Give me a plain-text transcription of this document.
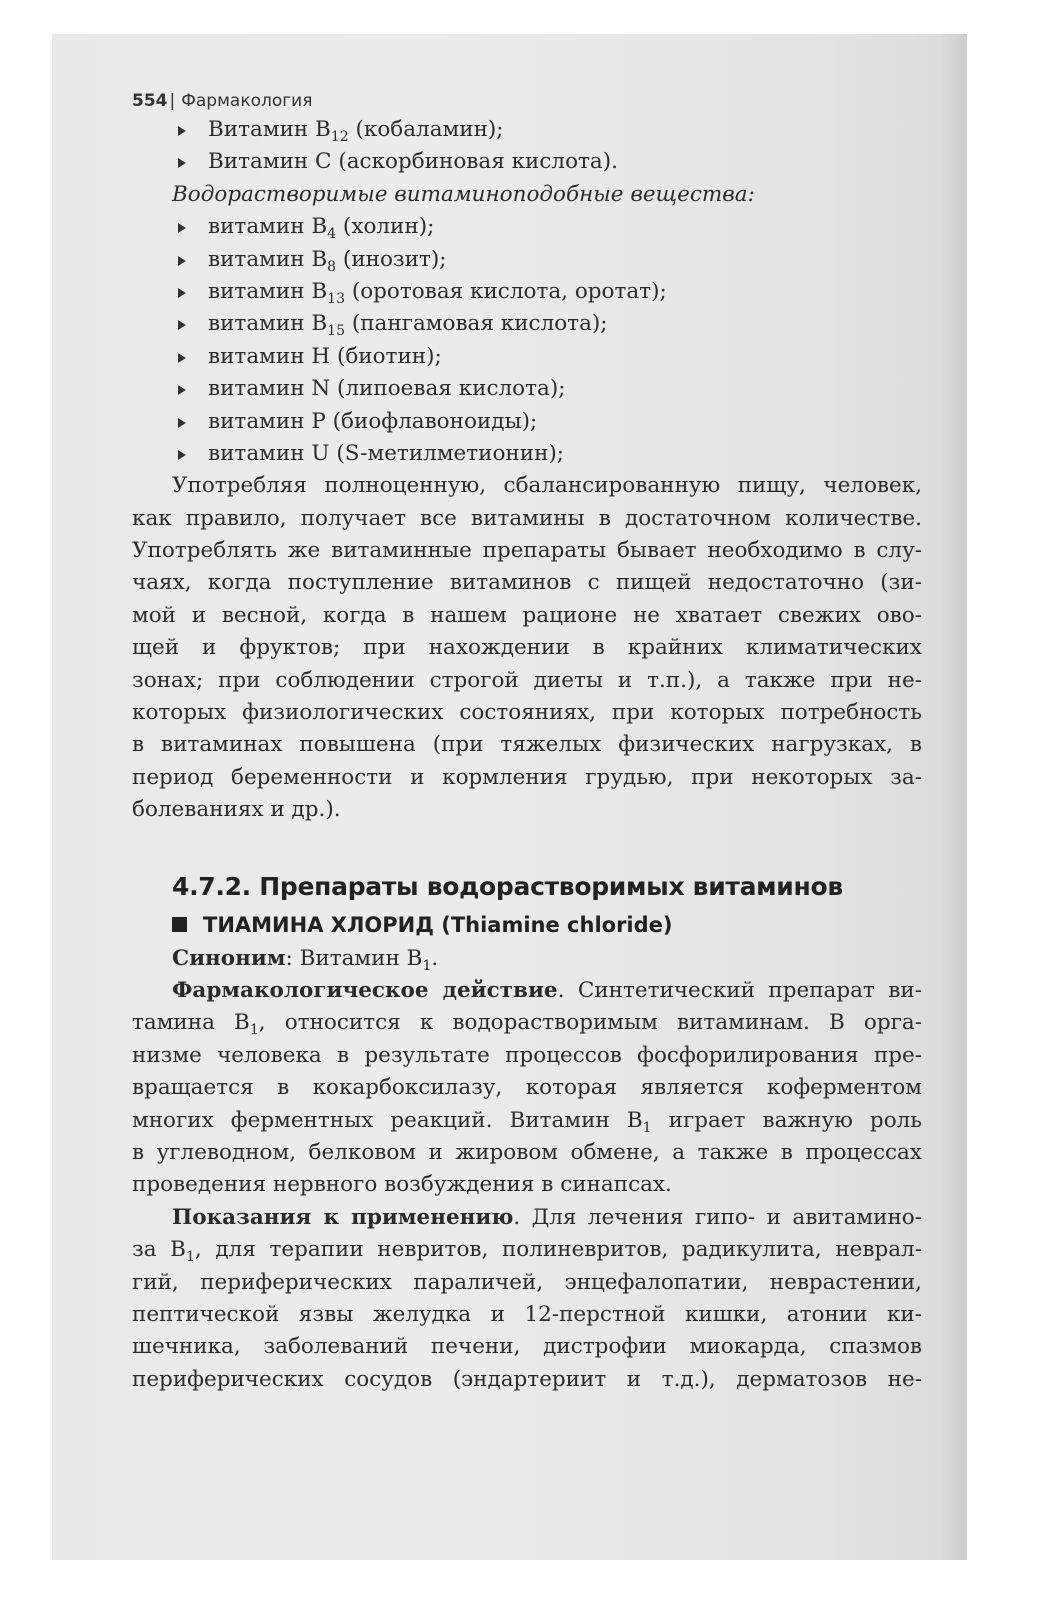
554 | Фармакология
Витамин $B_{12}$ (кобаламин);
Витамин C (аскорбиновая кислота).
Водорастворимые витаминоподобные вещества:
витамин $B_4$ (холин);
витамин $B_8$ (инозит);
витамин $B_{13}$ (оротовая кислота, оротат);
витамин $B_{15}$ (пангамовая кислота);
витамин H (биотин);
витамин N (липоевая кислота);
витамин P (биофлавоноиды);
витамин U (S-метилметионин);
Употребляя полноценную, сбалансированную пищу, человек,
как правило, получает все витамины в достаточном количестве.
Употреблять же витаминные препараты бывает необходимо в слу-
чаях, когда поступление витаминов с пищей недостаточно (зи-
мой и весной, когда в нашем рационе не хватает свежих ово-
щей и фруктов; при нахождении в крайних климатических
зонах; при соблюдении строгой диеты и т.п.), а также при не-
которых физиологических состояниях, при которых потребность
в витаминах повышена (при тяжелых физических нагрузках, в
период беременности и кормления грудью, при некоторых за-
болеваниях и др.).
4.7.2. Препараты водорастворимых витаминов
ТИАМИНА ХЛОРИД (Thiamine chloride)
Синоним: Витамин $B_1$.
Фармакологическое действие. Синтетический препарат ви-
тамина $B_1$, относится к водорастворимым витаминам. В орга-
низме человека в результате процессов фосфорилирования пре-
вращается в кокарбоксилазу, которая является коферментом
многих ферментных реакций. Витамин $B_1$ играет важную роль
в углеводном, белковом и жировом обмене, а также в процессах
проведения нервного возбуждения в синапсах.
Показания к применению. Для лечения гипо- и авитамино-
за $B_1$, для терапии невритов, полиневритов, радикулита, неврал-
гий, периферических параличей, энцефалопатии, неврастении,
пептической язвы желудка и 12-перстной кишки, атонии ки-
шечника, заболеваний печени, дистрофии миокарда, спазмов
периферических сосудов (эндартериит и т.д.), дерматозов не-
